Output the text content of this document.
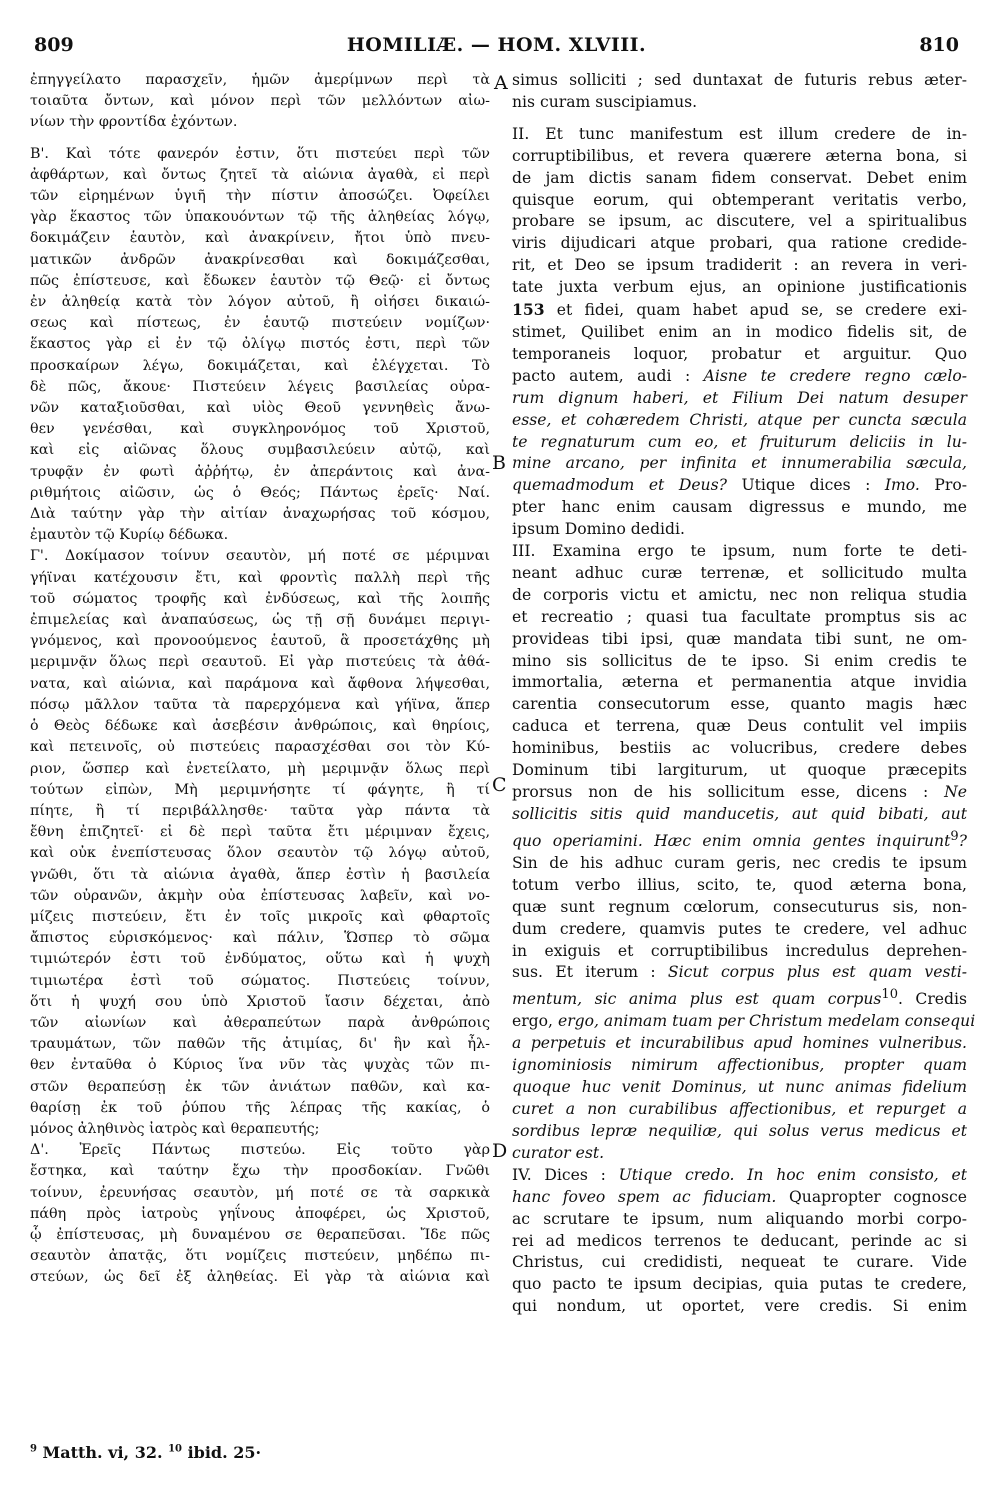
809	HOMILIÆ. — HOM. XLVIII.	810
ἐπηγγείλατο παρασχεῖν, ἡμῶν ἀμερίμνων περὶ τὰ
τοιαῦτα ὄντων, καὶ μόνον περὶ τῶν μελλόντων αἰω-
νίων τὴν φροντίδα ἐχόντων.
Β'. Καὶ τότε φανερόν ἐστιν, ὅτι πιστεύει περὶ τῶν
ἀφθάρτων, καὶ ὄντως ζητεῖ τὰ αἰώνια ἀγαθὰ, εἰ περὶ
τῶν εἰρημένων ὑγιῆ τὴν πίστιν ἀποσώζει. Ὀφείλει
γὰρ ἕκαστος τῶν ὑπακουόντων τῷ τῆς ἀληθείας λόγῳ,
δοκιμάζειν ἑαυτὸν, καὶ ἀνακρίνειν, ἤτοι ὑπὸ πνευ-
ματικῶν ἀνδρῶν ἀνακρίνεσθαι καὶ δοκιμάζεσθαι,
πῶς ἐπίστευσε, καὶ ἔδωκεν ἑαυτὸν τῷ Θεῷ· εἰ ὄντως
ἐν ἀληθείᾳ κατὰ τὸν λόγον αὐτοῦ, ἢ οἰήσει δικαιώ-
σεως καὶ πίστεως, ἐν ἑαυτῷ πιστεύειν νομίζων·
ἕκαστος γὰρ εἰ ἐν τῷ ὀλίγῳ πιστός ἐστι, περὶ τῶν
προσκαίρων λέγω, δοκιμάζεται, καὶ ἐλέγχεται. Τὸ
δὲ πῶς, ἄκουε· Πιστεύειν λέγεις βασιλείας οὐρα-
νῶν καταξιοῦσθαι, καὶ υἱὸς Θεοῦ γεννηθεὶς ἄνω-
θεν γενέσθαι, καὶ συγκληρονόμος τοῦ Χριστοῦ,
καὶ εἰς αἰῶνας ὅλους συμβασιλεύειν αὐτῷ, καὶ
τρυφᾷν ἐν φωτὶ ἀῤῥήτῳ, ἐν ἀπεράντοις καὶ ἀνα-
ριθμήτοις αἰῶσιν, ὡς ὁ Θεός; Πάντως ἐρεῖς· Ναί.
Διὰ ταύτην γὰρ τὴν αἰτίαν ἀναχωρήσας τοῦ κόσμου,
ἐμαυτὸν τῷ Κυρίῳ δέδωκα.
Γ'. Δοκίμασον τοίνυν σεαυτὸν, μή ποτέ σε μέριμναι
γήϊναι κατέχουσιν ἔτι, καὶ φροντὶς παλλὴ περὶ τῆς
τοῦ σώματος τροφῆς καὶ ἐνδύσεως, καὶ τῆς λοιπῆς
ἐπιμελείας καὶ ἀναπαύσεως, ὡς τῇ σῇ δυνάμει περιγι-
γνόμενος, καὶ προνοούμενος ἑαυτοῦ, ἃ προσετάχθης μὴ
μεριμνᾷν ὅλως περὶ σεαυτοῦ. Εἰ γὰρ πιστεύεις τὰ ἀθά-
νατα, καὶ αἰώνια, καὶ παράμονα καὶ ἄφθονα λήψεσθαι,
πόσῳ μᾶλλον ταῦτα τὰ παρερχόμενα καὶ γήϊνα, ἅπερ
ὁ Θεὸς δέδωκε καὶ ἀσεβέσιν ἀνθρώποις, καὶ θηρίοις,
καὶ πετεινοῖς, οὐ πιστεύεις παρασχέσθαι σοι τὸν Κύ-
ριον, ὥσπερ καὶ ἐνετείλατο, μὴ μεριμνᾷν ὅλως περὶ
τούτων εἰπὼν, Μὴ μεριμνήσητε τί φάγητε, ἢ τί
πίητε, ἢ τί περιβάλλησθε· ταῦτα γὰρ πάντα τὰ
ἔθνη ἐπιζητεῖ· εἰ δὲ περὶ ταῦτα ἔτι μέριμναν ἔχεις,
καὶ οὐκ ἐνεπίστευσας ὅλον σεαυτὸν τῷ λόγῳ αὐτοῦ,
γνῶθι, ὅτι τὰ αἰώνια ἀγαθὰ, ἅπερ ἐστὶν ἡ βασιλεία
τῶν οὐρανῶν, ἀκμὴν οὐα ἐπίστευσας λαβεῖν, καὶ νο-
μίζεις πιστεύειν, ἔτι ἐν τοῖς μικροῖς καὶ φθαρτοῖς
ἄπιστος εὑρισκόμενος· καὶ πάλιν, Ὥσπερ τὸ σῶμα
τιμιώτερόν ἐστι τοῦ ἐνδύματος, οὕτω καὶ ἡ ψυχὴ
τιμιωτέρα ἐστὶ τοῦ σώματος. Πιστεύεις τοίνυν,
ὅτι ἡ ψυχή σου ὑπὸ Χριστοῦ ἴασιν δέχεται, ἀπὸ
τῶν αἰωνίων καὶ ἀθεραπεύτων παρὰ ἀνθρώποις
τραυμάτων, τῶν παθῶν τῆς ἀτιμίας, δι' ἣν καὶ ἦλ-
θεν ἐνταῦθα ὁ Κύριος ἵνα νῦν τὰς ψυχὰς τῶν πι-
στῶν θεραπεύσῃ ἐκ τῶν ἀνιάτων παθῶν, καὶ κα-
θαρίσῃ ἐκ τοῦ ῥύπου τῆς λέπρας τῆς κακίας, ὁ
μόνος ἀληθινὸς ἰατρὸς καὶ θεραπευτής;
Δ'. Ἐρεῖς Πάντως πιστεύω. Εἰς τοῦτο γὰρ
ἔστηκα, καὶ ταύτην ἔχω τὴν προσδοκίαν. Γνῶθι
τοίνυν, ἐρευνήσας σεαυτὸν, μή ποτέ σε τὰ σαρκικὰ
πάθη πρὸς ἰατροὺς γηΐνους ἀποφέρει, ὡς Χριστοῦ,
ᾧ ἐπίστευσας, μὴ δυναμένου σε θεραπεῦσαι. Ἴδε πῶς
σεαυτὸν ἀπατᾷς, ὅτι νομίζεις πιστεύειν, μηδέπω πι-
στεύων, ὡς δεῖ ἐξ ἀληθείας. Εἰ γὰρ τὰ αἰώνια καὶ
simus solliciti ; sed duntaxat de futuris rebus æter-
nis curam suscipiamus.
II. Et tunc manifestum est illum credere de in-
corruptibilibus, et revera quærere æterna bona, si
de jam dictis sanam fidem conservat. Debet enim
quisque eorum, qui obtemperant veritatis verbo,
probare se ipsum, ac discutere, vel a spiritualibus
viris dijudicari atque probari, qua ratione credide-
rit, et Deo se ipsum tradiderit : an revera in veri-
tate juxta verbum ejus, an opinione justificationis
153 et fidei, quam habet apud se, se credere exi-
stimet, Quilibet enim an in modico fidelis sit, de
temporaneis loquor, probatur et arguitur. Quo
pacto autem, audi : Aisne te credere regno cælo-
rum dignum haberi, et Filium Dei natum desuper
esse, et cohæredem Christi, atque per cuncta sæcula
te regnaturum cum eo, et fruiturum deliciis in lu-
mine arcano, per infinita et innumerabilia sæcula,
quemadmodum et Deus? Utique dices : Imo. Pro-
pter hanc enim causam digressus e mundo, me
ipsum Domino dedidi.
III. Examina ergo te ipsum, num forte te deti-
neant adhuc curæ terrenæ, et sollicitudo multa
de corporis victu et amictu, nec non reliqua studia
et recreatio ; quasi tua facultate promptus sis ac
provideas tibi ipsi, quæ mandata tibi sunt, ne om-
mino sis sollicitus de te ipso. Si enim credis te
immortalia, æterna et permanentia atque invidia
carentia consecutorum esse, quanto magis hæc
caduca et terrena, quæ Deus contulit vel impiis
hominibus, bestiis ac volucribus, credere debes
Dominum tibi largiturum, ut quoque præcepits
prorsus non de his sollicitum esse, dicens : Ne
sollicitis sitis quid manducetis, aut quid bibati, aut
quo operiamini. Hæc enim omnia gentes inquirunt$^9$?
Sin de his adhuc curam geris, nec credis te ipsum
totum verbo illius, scito, te, quod æterna bona,
quæ sunt regnum cœlorum, consecuturus sis, non-
dum credere, quamvis putes te credere, vel adhuc
in exiguis et corruptibilibus incredulus deprehen-
sus. Et iterum : Sicut corpus plus est quam vesti-
mentum, sic anima plus est quam corpus$^{10}$. Credis
ergo, ergo, animam tuam per Christum medelam consequi
a perpetuis et incurabilibus apud homines vulneribus.
ignominiosis nimirum affectionibus, propter quam
quoque huc venit Dominus, ut nunc animas fidelium
curet a non curabilibus affectionibus, et repurget a
sordibus lepræ nequiliæ, qui solus verus medicus et
curator est.
IV. Dices : Utique credo. In hoc enim consisto, et
hanc foveo spem ac fiduciam. Quapropter cognosce
ac scrutare te ipsum, num aliquando morbi corpo-
rei ad medicos terrenos te deducant, perinde ac si
Christus, cui credidisti, nequeat te curare. Vide
quo pacto te ipsum decipias, quia putas te credere,
qui nondum, ut oportet, vere credis. Si enim
A
B
C
D
$^9$ Matth. vi, 32. $^{10}$ ibid. 25·
